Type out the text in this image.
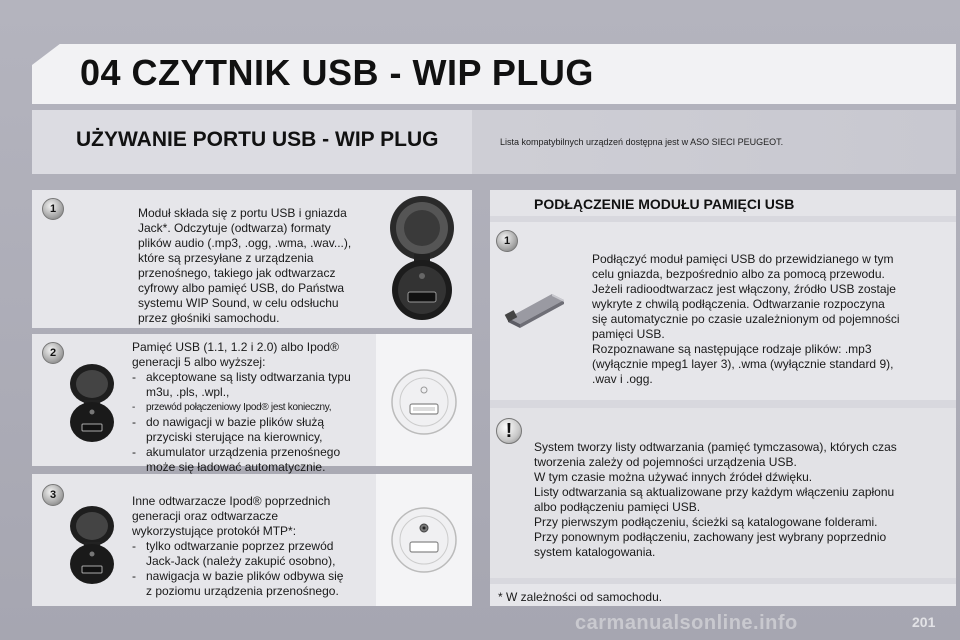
04 CZYTNIK USB - WIP PLUG
UŻYWANIE PORTU USB - WIP PLUG	Lista kompatybilnych urządzeń dostępna jest w ASO SIECI PEUGEOT.
1	Moduł składa się z portu USB i gniazda
Jack*. Odczytuje (odtwarza) formaty
plików audio (.mp3, .ogg, .wma, .wav...),
które są przesyłane z urządzenia
przenośnego, takiego jak odtwarzacz
cyfrowy albo pamięć USB, do Państwa
systemu WIP Sound, w celu odsłuchu
przez głośniki samochodu.
2	Pamięć USB (1.1, 1.2 i 2.0) albo Ipod®
generacji 5 albo wyższej:
- akceptowane są listy odtwarzania typu
m3u, .pls, .wpl.,
- przewód połączeniowy Ipod® jest konieczny,
- do nawigacji w bazie plików służą
przyciski sterujące na kierownicy,
- akumulator urządzenia przenośnego
może się ładować automatycznie.
3	Inne odtwarzacze Ipod® poprzednich
generacji oraz odtwarzacze
wykorzystujące protokół MTP*:
- tylko odtwarzanie poprzez przewód
Jack-Jack (należy zakupić osobno),
- nawigacja w bazie plików odbywa się
z poziomu urządzenia przenośnego.
PODŁĄCZENIE MODUŁU PAMIĘCI USB
1
Podłączyć moduł pamięci USB do przewidzianego w tym
celu gniazda, bezpośrednio albo za pomocą przewodu.
Jeżeli radioodtwarzacz jest włączony, źródło USB zostaje
wykryte z chwilą podłączenia. Odtwarzanie rozpoczyna
się automatycznie po czasie uzależnionym od pojemności
pamięci USB.
Rozpoznawane są następujące rodzaje plików: .mp3
(wyłącznie mpeg1 layer 3), .wma (wyłącznie standard 9),
.wav i .ogg.
!
System tworzy listy odtwarzania (pamięć tymczasowa), których czas
tworzenia zależy od pojemności urządzenia USB.
W tym czasie można używać innych źródeł dźwięku.
Listy odtwarzania są aktualizowane przy każdym włączeniu zapłonu
albo podłączeniu pamięci USB.
Przy pierwszym podłączeniu, ścieżki są katalogowane folderami.
Przy ponownym podłączeniu, zachowany jest wybrany poprzednio
system katalogowania.
* W zależności od samochodu.
carmanualsonline.info	201
